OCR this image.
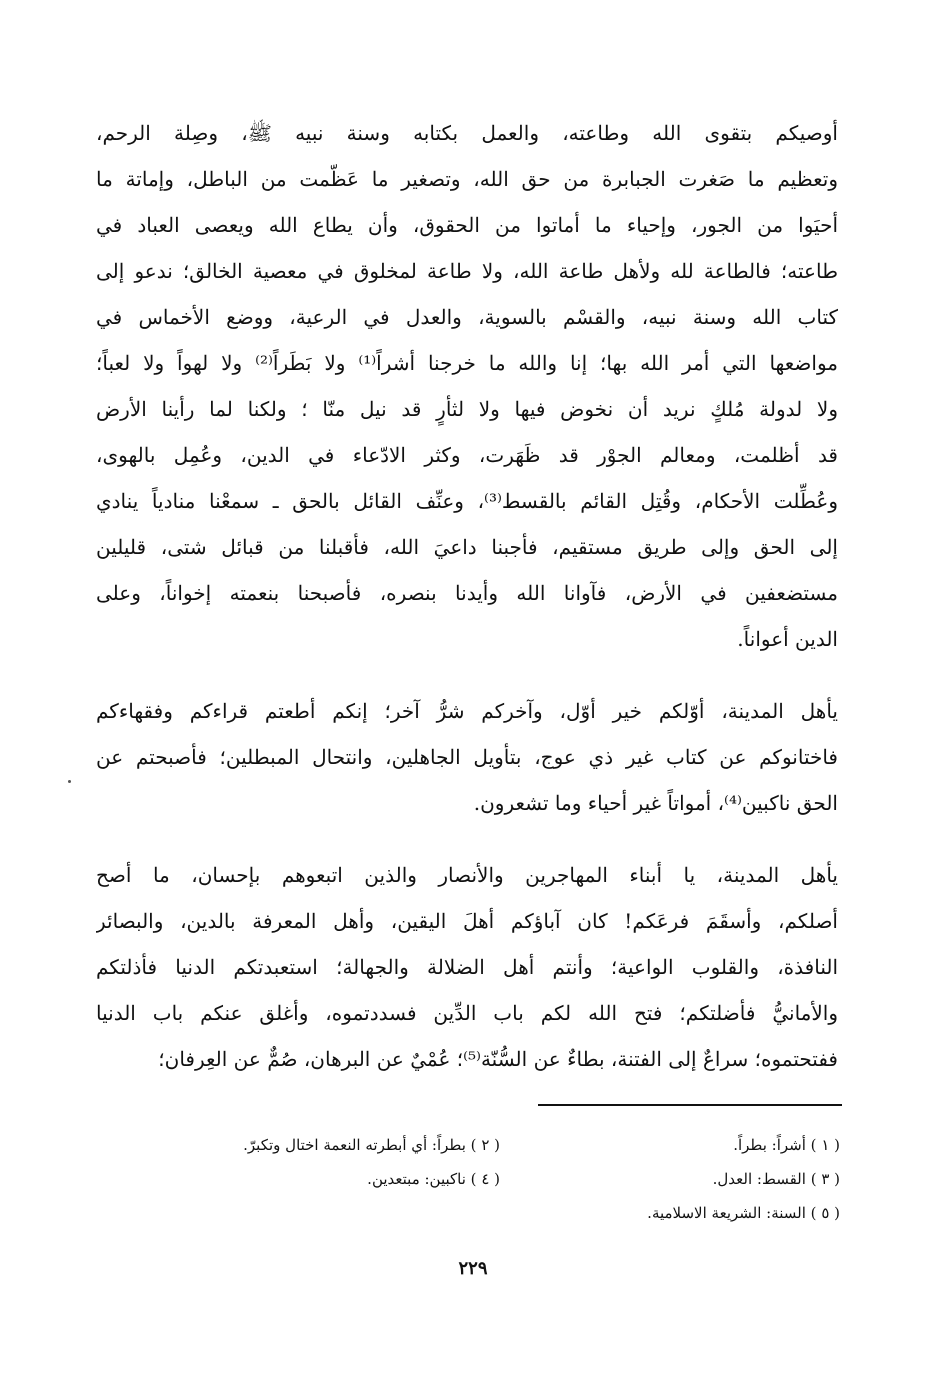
أوصيكم بتقوى الله وطاعته، والعمل بكتابه وسنة نبيه ﷺ، وصِلة الرحم،
وتعظيم ما صَغرت الجبابرة من حق الله، وتصغير ما عَظّمت من الباطل، وإماتة ما
أحيَوا من الجور، وإحياء ما أماتوا من الحقوق، وأن يطاع الله ويعصى العباد في
طاعته؛ فالطاعة لله ولأهل طاعة الله، ولا طاعة لمخلوق في معصية الخالق؛ ندعو إلى
كتاب الله وسنة نبيه، والقسْم بالسوية، والعدل في الرعية، ووضع الأخماس في
مواضعها التي أمر الله بها؛ إنا والله ما خرجنا أشراً⁽¹⁾ ولا بَطَراً⁽²⁾ ولا لهواً ولا لعباً؛
ولا لدولة مُلكٍ نريد أن نخوض فيها ولا لثأرٍ قد نيل منّا ؛ ولكنا لما رأينا الأرض
قد أظلمت، ومعالم الجوْر قد ظَهَرت، وكثر الادّعاء في الدين، وعُمِل بالهوى،
وعُطِّلت الأحكام، وقُتِل القائم بالقسط⁽³⁾، وعنِّف القائل بالحق ـ سمعْنا منادياً ينادي
إلى الحق وإلى طريق مستقيم، فأجبنا داعيَ الله، فأقبلنا من قبائل شتى، قليلين
مستضعفين في الأرض، فآوانا الله وأيدنا بنصره، فأصبحنا بنعمته إخواناً، وعلى
الدين أعواناً.
يأهل المدينة، أوّلكم خير أوّل، وآخركم شرُّ آخر؛ إنكم أطعتم قراءكم وفقهاءكم
فاختانوكم عن كتاب غير ذي عوج، بتأويل الجاهلين، وانتحال المبطلين؛ فأصبحتم عن
الحق ناكبين⁽⁴⁾، أمواتاً غير أحياء وما تشعرون.
يأهل المدينة، يا أبناء المهاجرين والأنصار والذين اتبعوهم بإحسان، ما أصح
أصلكم، وأسقَمَ فرعَكم! كان آباؤكم أهلَ اليقين، وأهل المعرفة بالدين، والبصائر
النافذة، والقلوب الواعية؛ وأنتم أهل الضلالة والجهالة؛ استعبدتكم الدنيا فأذلتكم
والأمانيُّ فأضلتكم؛ فتح الله لكم باب الدِّين فسددتموه، وأغلق عنكم باب الدنيا
ففتحتموه؛ سراعٌ إلى الفتنة، بطاءٌ عن السُّنّة⁽⁵⁾؛ عُمْيٌ عن البرهان، صُمٌّ عن العِرفان؛
( ١ ) أشراً: بطراً.
( ٢ ) بطراً: أي أبطرته النعمة اختال وتكبرّ.
( ٣ ) القسط: العدل.
( ٤ ) ناكبين: مبتعدين.
( ٥ ) السنة: الشريعة الاسلامية.
٢٢٩
